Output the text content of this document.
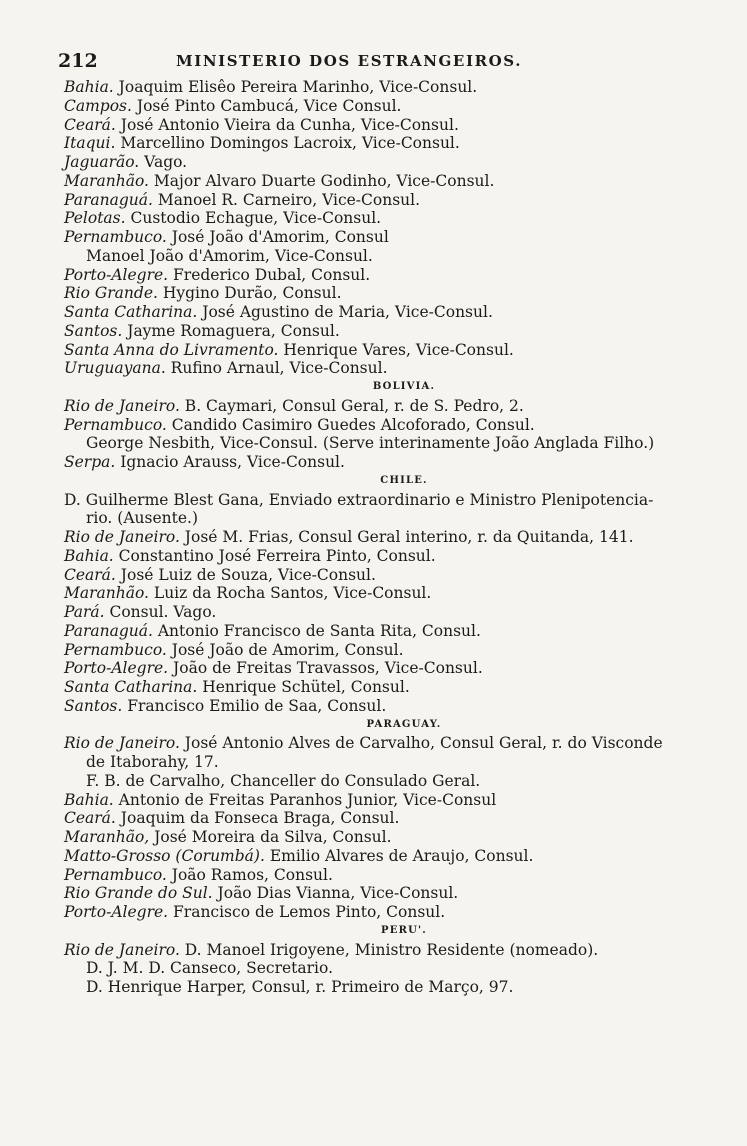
212	MINISTERIO DOS ESTRANGEIROS.
Bahia. Joaquim Elisêo Pereira Marinho, Vice-Consul.
Campos. José Pinto Cambucá, Vice Consul.
Ceará. José Antonio Vieira da Cunha, Vice-Consul.
Itaqui. Marcellino Domingos Lacroix, Vice-Consul.
Jaguarão. Vago.
Maranhão. Major Alvaro Duarte Godinho, Vice-Consul.
Paranaguá. Manoel R. Carneiro, Vice-Consul.
Pelotas. Custodio Echague, Vice-Consul.
Pernambuco. José João d'Amorim, Consul
Manoel João d'Amorim, Vice-Consul.
Porto-Alegre. Frederico Dubal, Consul.
Rio Grande. Hygino Durão, Consul.
Santa Catharina. José Agustino de Maria, Vice-Consul.
Santos. Jayme Romaguera, Consul.
Santa Anna do Livramento. Henrique Vares, Vice-Consul.
Uruguayana. Rufino Arnaul, Vice-Consul.
BOLIVIA.
Rio de Janeiro. B. Caymari, Consul Geral, r. de S. Pedro, 2.
Pernambuco. Candido Casimiro Guedes Alcoforado, Consul.
George Nesbith, Vice-Consul. (Serve interinamente João Anglada Filho.)
Serpa. Ignacio Arauss, Vice-Consul.
CHILE.
D. Guilherme Blest Gana, Enviado extraordinario e Ministro Plenipotencia-
rio. (Ausente.)
Rio de Janeiro. José M. Frias, Consul Geral interino, r. da Quitanda, 141.
Bahia. Constantino José Ferreira Pinto, Consul.
Ceará. José Luiz de Souza, Vice-Consul.
Maranhão. Luiz da Rocha Santos, Vice-Consul.
Pará. Consul. Vago.
Paranaguá. Antonio Francisco de Santa Rita, Consul.
Pernambuco. José João de Amorim, Consul.
Porto-Alegre. João de Freitas Travassos, Vice-Consul.
Santa Catharina. Henrique Schütel, Consul.
Santos. Francisco Emilio de Saa, Consul.
PARAGUAY.
Rio de Janeiro. José Antonio Alves de Carvalho, Consul Geral, r. do Visconde
de Itaborahy, 17.
F. B. de Carvalho, Chanceller do Consulado Geral.
Bahia. Antonio de Freitas Paranhos Junior, Vice-Consul
Ceará. Joaquim da Fonseca Braga, Consul.
Maranhão, José Moreira da Silva, Consul.
Matto-Grosso (Corumbá). Emilio Alvares de Araujo, Consul.
Pernambuco. João Ramos, Consul.
Rio Grande do Sul. João Dias Vianna, Vice-Consul.
Porto-Alegre. Francisco de Lemos Pinto, Consul.
PERU'.
Rio de Janeiro. D. Manoel Irigoyene, Ministro Residente (nomeado).
D. J. M. D. Canseco, Secretario.
D. Henrique Harper, Consul, r. Primeiro de Março, 97.
